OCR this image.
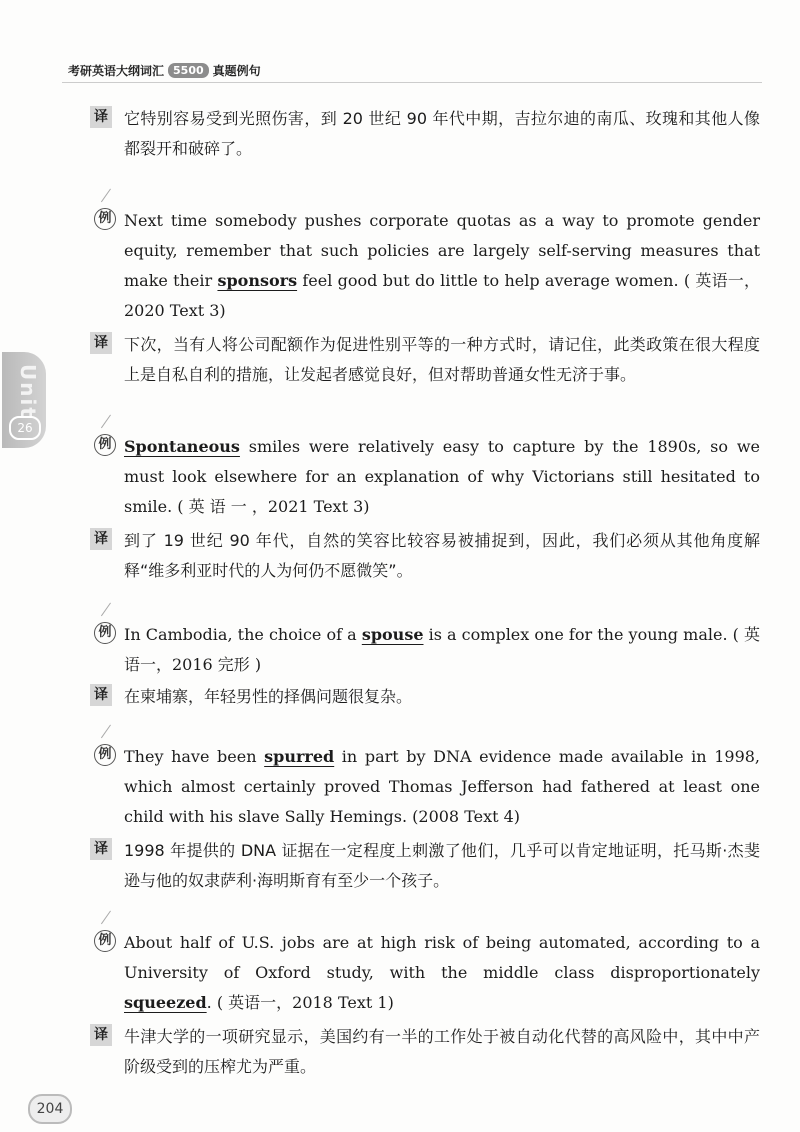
考研英语大纲词汇 5500 真题例句
Unit
26
译 它特别容易受到光照伤害，到 20 世纪 90 年代中期，吉拉尔迪的南瓜、玫瑰和其他人像都裂开和破碎了。
例 Next time somebody pushes corporate quotas as a way to promote gender equity, remember that such policies are largely self-serving measures that make their sponsors feel good but do little to help average women. ( 英语一，2020 Text 3)
译 下次，当有人将公司配额作为促进性别平等的一种方式时，请记住，此类政策在很大程度上是自私自利的措施，让发起者感觉良好，但对帮助普通女性无济于事。
例 Spontaneous smiles were relatively easy to capture by the 1890s, so we must look elsewhere for an explanation of why Victorians still hesitated to smile. ( 英 语 一 ，2021 Text 3)
译 到了 19 世纪 90 年代，自然的笑容比较容易被捕捉到，因此，我们必须从其他角度解释“维多利亚时代的人为何仍不愿微笑”。
例 In Cambodia, the choice of a spouse is a complex one for the young male. ( 英语一，2016 完形 )
译 在柬埔寨，年轻男性的择偶问题很复杂。
例 They have been spurred in part by DNA evidence made available in 1998, which almost certainly proved Thomas Jefferson had fathered at least one child with his slave Sally Hemings. (2008 Text 4)
译 1998 年提供的 DNA 证据在一定程度上刺激了他们，几乎可以肯定地证明，托马斯·杰斐逊与他的奴隶萨利·海明斯育有至少一个孩子。
例 About half of U.S. jobs are at high risk of being automated, according to a University of Oxford study, with the middle class disproportionately squeezed. ( 英语一，2018 Text 1)
译 牛津大学的一项研究显示，美国约有一半的工作处于被自动化代替的高风险中，其中中产阶级受到的压榨尤为严重。
204
